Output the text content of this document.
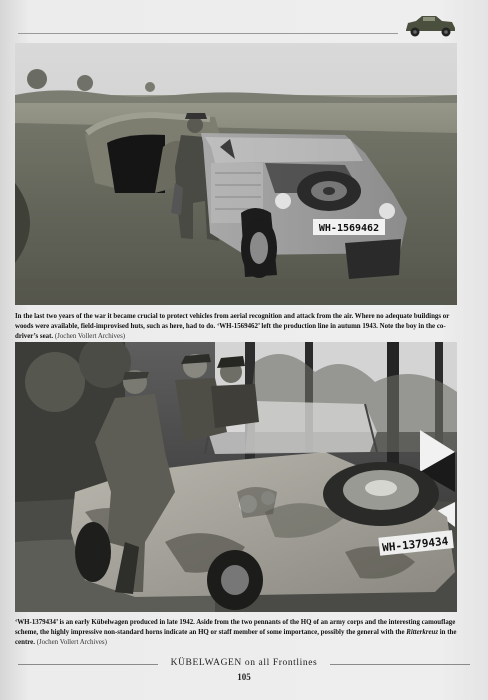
WH-1569462
In the last two years of the war it became crucial to protect vehicles from aerial recognition and attack from the air. Where no adequate buildings or woods were available, field-improvised huts, such as here, had to do. ‘WH-1569462’ left the production line in autumn 1943. Note the boy in the co-driver’s seat. (Jochen Vollert Archives)
WH-1379434
‘WH-1379434’ is an early Kübelwagen produced in late 1942. Aside from the two pennants of the HQ of an army corps and the interesting camouflage scheme, the highly impressive non-standard horns indicate an HQ or staff member of some importance, possibly the general with the Ritterkreuz in the centre. (Jochen Vollert Archives)
KÜBELWAGEN on all Frontlines
105
